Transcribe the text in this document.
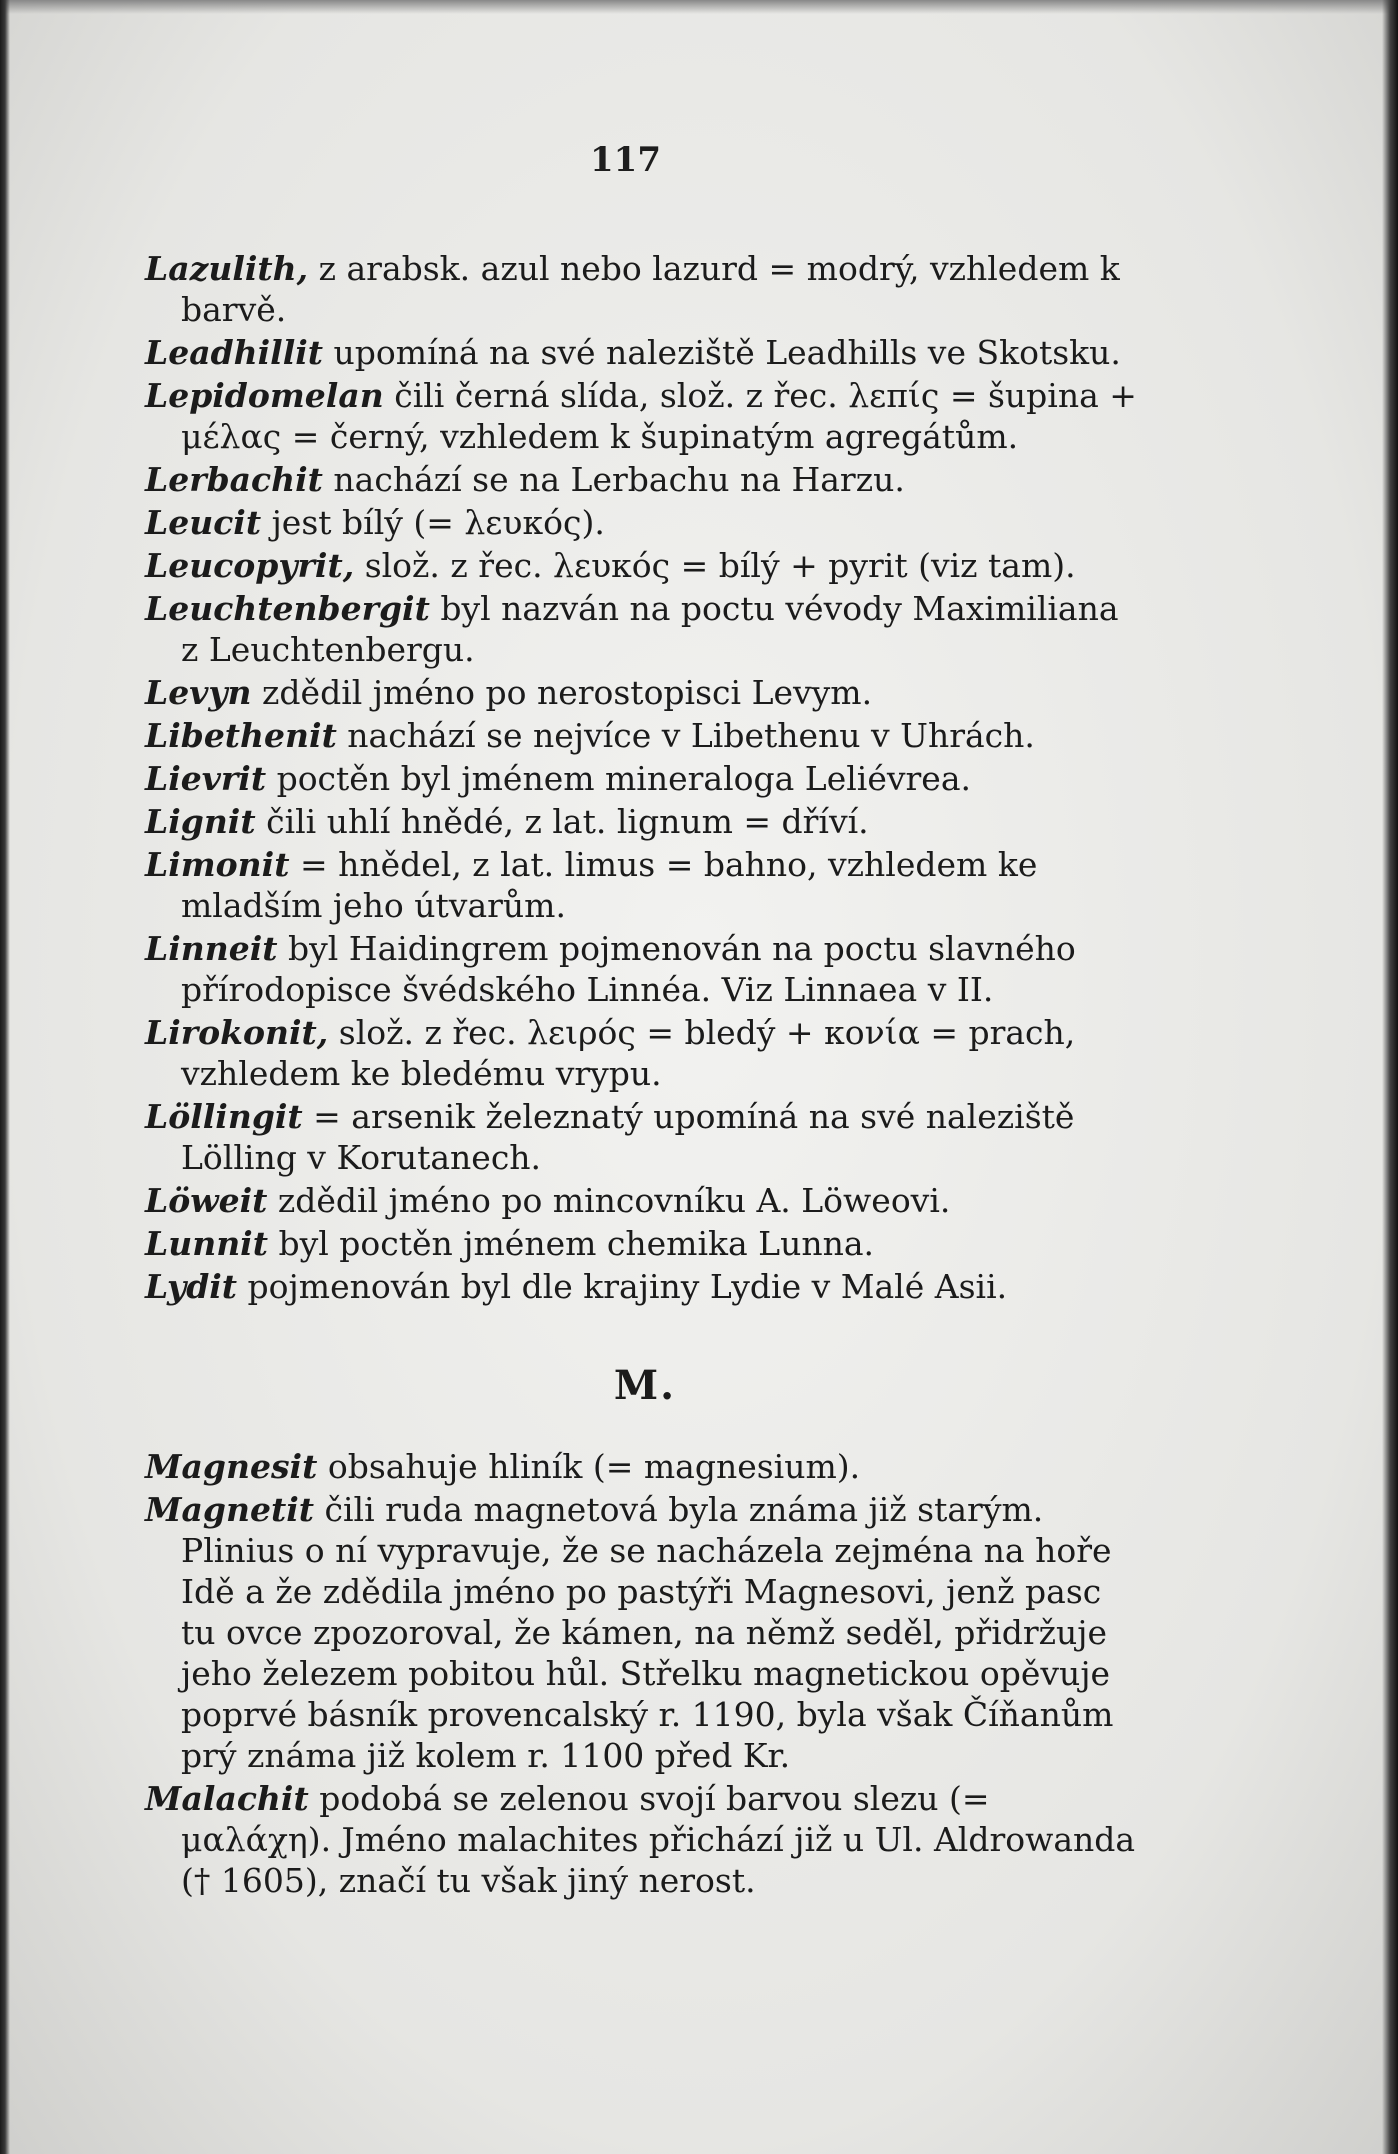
117
Lazulith, z arabsk. azul nebo lazurd = modrý, vzhledem k barvě.
Leadhillit upomíná na své naleziště Leadhills ve Skotsku.
Lepidomelan čili černá slída, slož. z řec. λεπίς = šupina + μέλας = černý, vzhledem k šupinatým agregátům.
Lerbachit nachází se na Lerbachu na Harzu.
Leucit jest bílý (= λευκός).
Leucopyrit, slož. z řec. λευκός = bílý + pyrit (viz tam).
Leuchtenbergit byl nazván na poctu vévody Maximiliana z Leuchtenbergu.
Levyn zdědil jméno po nerostopisci Levym.
Libethenit nachází se nejvíce v Libethenu v Uhrách.
Lievrit poctěn byl jménem mineraloga Leliévrea.
Lignit čili uhlí hnědé, z lat. lignum = dříví.
Limonit = hnědel, z lat. limus = bahno, vzhledem ke mladším jeho útvarům.
Linneit byl Haidingrem pojmenován na poctu slavného přírodopisce švédského Linnéa. Viz Linnaea v II.
Lirokonit, slož. z řec. λειρός = bledý + κονία = prach, vzhledem ke bledému vrypu.
Löllingit = arsenik železnatý upomíná na své naleziště Lölling v Korutanech.
Löweit zdědil jméno po mincovníku A. Löweovi.
Lunnit byl poctěn jménem chemika Lunna.
Lydit pojmenován byl dle krajiny Lydie v Malé Asii.
M.
Magnesit obsahuje hliník (= magnesium).
Magnetit čili ruda magnetová byla známa již starým. Plinius o ní vypravuje, že se nacházela zejména na hoře Idě a že zdědila jméno po pastýři Magnesovi, jenž pasc tu ovce zpozoroval, že kámen, na němž seděl, přidržuje jeho železem pobitou hůl. Střelku magnetickou opěvuje poprvé básník provencalský r. 1190, byla však Číňanům prý známa již kolem r. 1100 před Kr.
Malachit podobá se zelenou svojí barvou slezu (= μαλάχη). Jméno malachites přichází již u Ul. Aldrowanda († 1605), značí tu však jiný nerost.
